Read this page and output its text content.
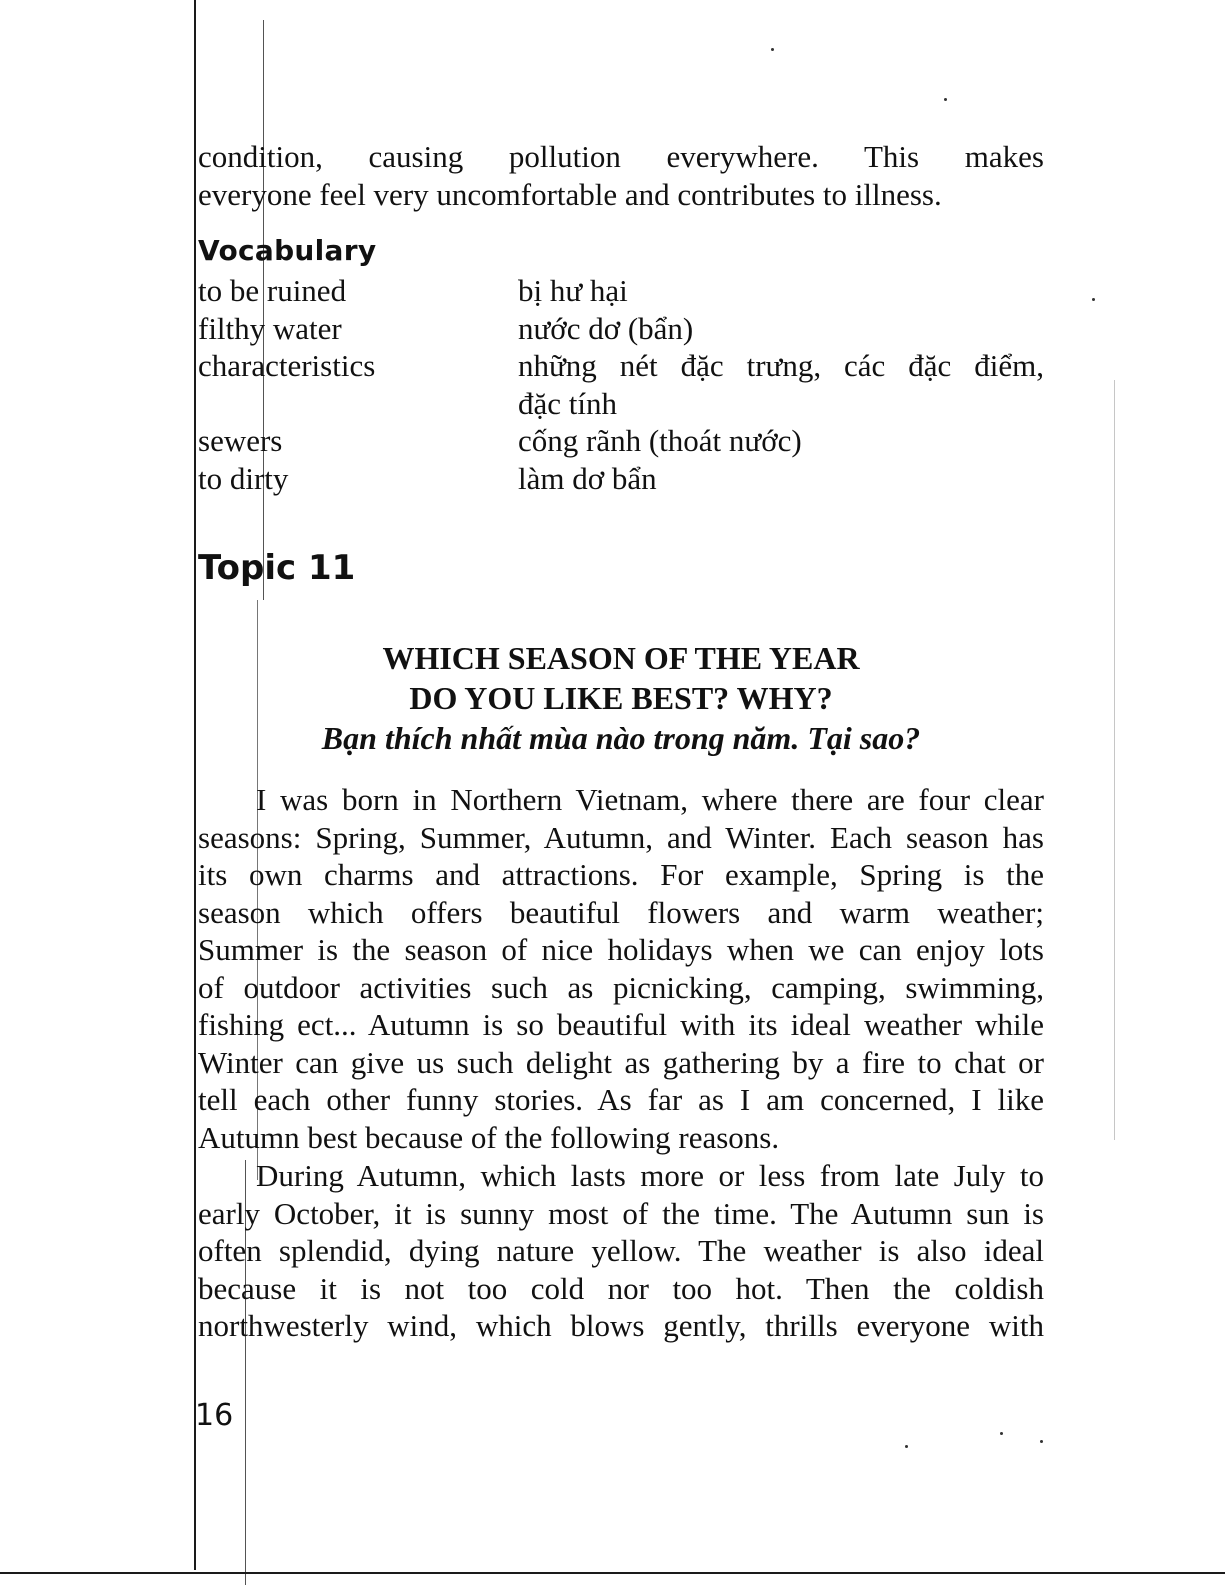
condition, causing pollution everywhere. This makes
everyone feel very uncomfortable and contributes to illness.

Vocabulary
to be ruined	bị hư hại
filthy water	nước dơ (bẩn)
characteristics	những nét đặc trưng, các đặc điểm,
đặc tính
sewers	cống rãnh (thoát nước)
to dirty	làm dơ bẩn
Topic 11
WHICH SEASON OF THE YEAR
DO YOU LIKE BEST? WHY?
Bạn thích nhất mùa nào trong năm. Tại sao?

I was born in Northern Vietnam, where there are four clear
seasons: Spring, Summer, Autumn, and Winter. Each season has
its own charms and attractions. For example, Spring is the
season which offers beautiful flowers and warm weather;
Summer is the season of nice holidays when we can enjoy lots
of outdoor activities such as picnicking, camping, swimming,
fishing ect... Autumn is so beautiful with its ideal weather while
Winter can give us such delight as gathering by a fire to chat or
tell each other funny stories. As far as I am concerned, I like
Autumn best because of the following reasons.

During Autumn, which lasts more or less from late July to
early October, it is sunny most of the time. The Autumn sun is
often splendid, dying nature yellow. The weather is also ideal
because it is not too cold nor too hot. Then the coldish
northwesterly wind, which blows gently, thrills everyone with

16
